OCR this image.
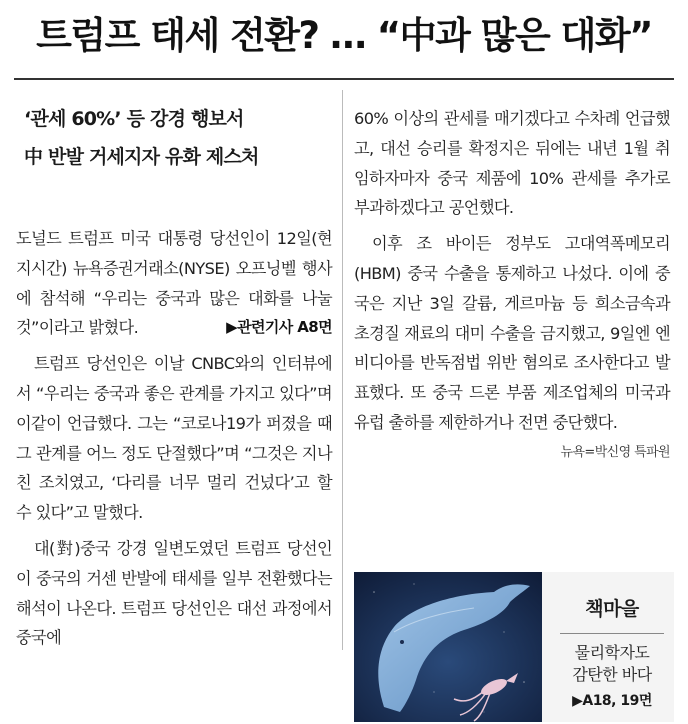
트럼프 태세 전환? … “中과 많은 대화”
‘관세 60%’ 등 강경 행보서
中 반발 거세지자 유화 제스처

도널드 트럼프 미국 대통령 당선인이 12일(현지시간) 뉴욕증권거래소(NYSE) 오프닝벨 행사에 참석해 “우리는 중국과 많은 대화를 나눌 것”이라고 밝혔다.	▶관련기사 A8면

트럼프 당선인은 이날 CNBC와의 인터뷰에서 “우리는 중국과 좋은 관계를 가지고 있다”며 이같이 언급했다. 그는 “코로나19가 퍼졌을 때 그 관계를 어느 정도 단절했다”며 “그것은 지나친 조치였고, ‘다리를 너무 멀리 건넜다’고 할 수 있다”고 말했다.

대(對)중국 강경 일변도였던 트럼프 당선인이 중국의 거센 반발에 태세를 일부 전환했다는 해석이 나온다. 트럼프 당선인은 대선 과정에서 중국에

60% 이상의 관세를 매기겠다고 수차례 언급했고, 대선 승리를 확정지은 뒤에는 내년 1월 취임하자마자 중국 제품에 10% 관세를 추가로 부과하겠다고 공언했다.

이후 조 바이든 정부도 고대역폭메모리(HBM) 중국 수출을 통제하고 나섰다. 이에 중국은 지난 3일 갈륨, 게르마늄 등 희소금속과 초경질 재료의 대미 수출을 금지했고, 9일엔 엔비디아를 반독점법 위반 혐의로 조사한다고 발표했다. 또 중국 드론 부품 제조업체의 미국과 유럽 출하를 제한하거나 전면 중단했다.
뉴욕=박신영 특파원

책마을
물리학자도
감탄한 바다
▶A18, 19면
